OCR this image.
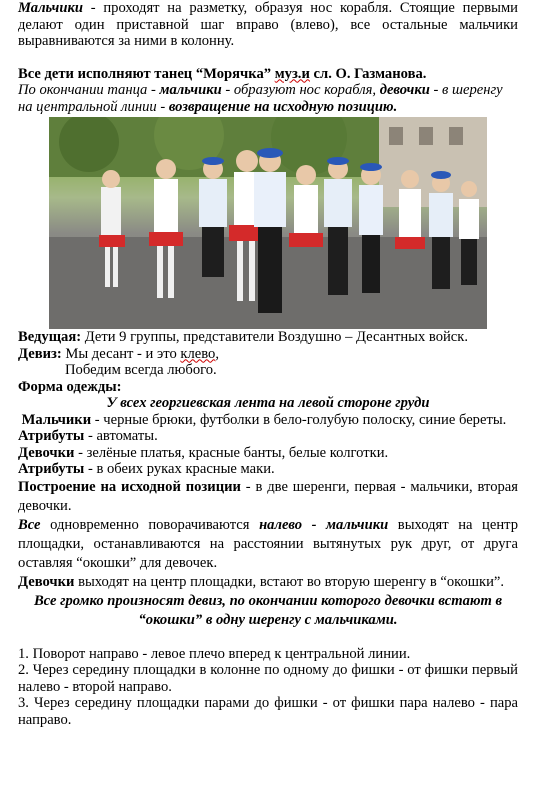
Мальчики - проходят на разметку, образуя нос корабля. Стоящие первыми делают один приставной шаг вправо (влево), все остальные мальчики выравниваются за ними в колонну.

Все дети исполняют танец “Морячка” муз.и сл. О. Газманова.

По окончании танца - мальчики - образуют нос корабля, девочки - в шеренгу на центральной линии - возвращение на исходную позицию.

Ведущая: Дети 9 группы, представители Воздушно – Десантных войск.

Девиз: Мы десант - и это клево,

Победим всегда любого.

Форма одежды:

У всех георгиевская лента на левой стороне груди

Мальчики - черные брюки, футболки в бело-голубую полоску, синие береты.

Атрибуты - автоматы.

Девочки - зелёные платья, красные банты, белые колготки.

Атрибуты - в обеих руках красные маки.

Построение на исходной позиции - в две шеренги, первая - мальчики, вторая девочки.

Все одновременно поворачиваются налево - мальчики выходят на центр площадки, останавливаются на расстоянии вытянутых рук друг, от друга оставляя “окошки” для девочек.

Девочки выходят на центр площадки, встают во вторую шеренгу в “окошки”.

Все громко произносят девиз, по окончании которого девочки встают в “окошки” в одну шеренгу с мальчиками.

1. Поворот направо - левое плечо вперед к центральной линии.

2. Через середину площадки в колонне по одному до фишки - от фишки первый налево - второй направо.

3. Через середину площадки парами до фишки - от фишки пара налево - пара направо.
